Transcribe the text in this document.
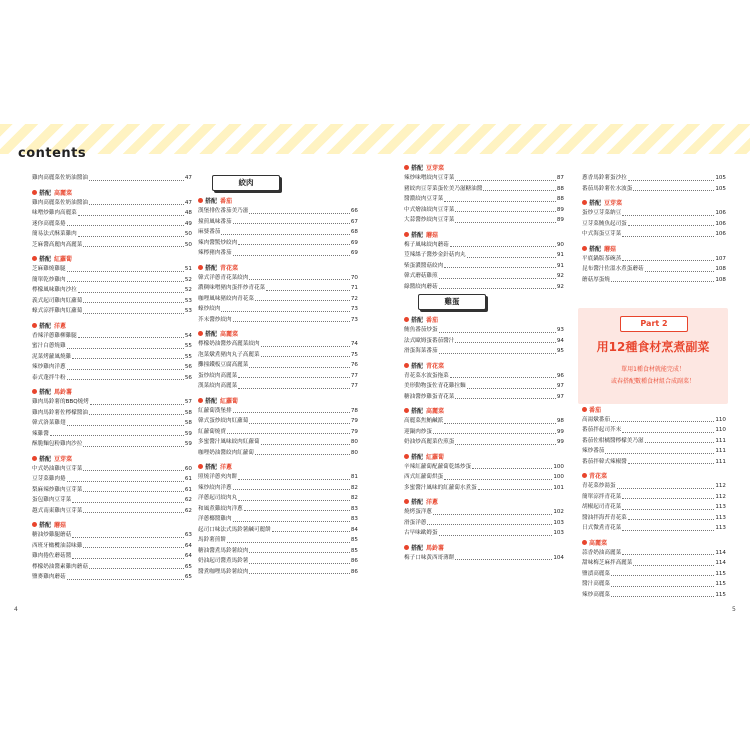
contents
雞肉高麗菜佐奶油醬油	47
搭配 高麗菜
雞肉高麗菜佐奶油醬油	47
味噌炒雞肉高麗菜	48
迷你高麗菜捲	49
簡易法式酥菜雞肉	50
芝麻醬高麗肉高麗菜	50
搭配 紅蘿蔔
芝麻雞燒雞腿	51
簡單乾炒雞肉	52
檸檬風味雞肉沙拉	52
義式起司雞肉紅蘿蔔	53
蠔式涼拌雞肉紅蘿蔔	53
搭配 洋蔥
香辣洋蔥雞柳雞腿	54
蜜汁白蔥燒雞	55
泥菜烤蘿風燒雞	55
辣炒雞肉洋蔥	56
泰式蓬拌牛粉	56
搭配 馬鈴薯
雞肉馬鈴薯的BBQ燒烤	57
雞肉馬鈴薯佐檸檬醬油	58
韓式洛菜雞翅	58
辣雞醬	59
酥脆麵包粉雞肉沙拉	59
搭配 豆芽菜
中式奶油雞肉豆芽菜	60
豆芽菜雞肉捲	61
梨麻辣炒雞肉豆芽菜	61
蛋包雞肉豆芽菜	62
越式南東雞肉豆芽菜	62
搭配 蘑菇
糖油炒雞腿蘑菇	63
西班牙橄欖油蒜味雞	64
雞肉捲佐蘑菇醬	64
檸檬奶油醬素雞肉蘑菇	65
鹽麥雞肉蘑菇	65
絞肉
搭配 番茄
漢堡排佐番茄美乃滋	66
撞煎風味番茄	67
麻婆番茄	68
辣肉醬驚炒絞肉	69
辣檸豬肉番茄	69
搭配 青花菜
韓式洋蔥青花菜絞肉	70
濃稠味噌豬肉蛋拌炒青花菜	71
咖哩風味豬絞肉青花菜	72
蠔炒絞肉	73
芥末醬炒絞肉	73
搭配 高麗菜
檸檬奶油醬炒高麗菜絞肉	74
泡菜燉煮豬肉丸子高麗菜	75
攤撞鐵板豆腐高麗菜	76
蛋炒絞肉高麗菜	77
漢菜絞肉高麗菜	77
搭配 紅蘿蔔
紅蘿蔔漢堡排	78
韓式蛋炒絞肉紅蘿蔔	79
紅蘿蔔燒賣	79
多蜜醬汁風味絞肉紅蘿蔔	80
咖哩奶油醬絞肉紅蘿蔔	80
搭配 洋蔥
照燒洋蔥夾肉餅	81
辣炒絞肉洋蔥	82
洋蔥起司絞肉丸	82
和風煮雞絞肉洋蔥	83
洋蔥椰醬雞肉	83
起司口味法式馬鈴薯鹹可麗餅	84
馬鈴薯煎餅	85
糖油醬煮馬鈴薯絞肉	85
奶油起司醬煮馬鈴薯	86
醬煮咖哩馬鈴薯絞肉	86
搭配 豆芽菜
辣炒味噌絞肉豆芽菜	87
豬絞肉豆芽菜蛋佐美乃滋糖油醬	88
醬濃絞肉豆芽菜	88
中式燴油絞肉豆芽菜	89
大蒜醬炒絞肉豆芽菜	89
搭配 蘑菇
梅子風味絞肉蘑菇	90
荳辣絲子醬炒金針菇肉丸	91
柴蛋濃醬菇絞肉	91
韓式蘑菇雞煎	92
綠醬絞肉蘑菇	92
雞蛋
搭配 番茄
鮪魚番茄炒蛋	93
法式歐姆蛋番茄醬汁	94
滑蛋海菜番茄	95
搭配 青花菜
青花菜水波蛋拖菜	96
美形動物蛋佐青花雞拉麵	97
糖油醬炒雞蛋青花菜	97
搭配 高麗菜
高麗菜焦鮪鹹派	98
迎鍋肉炒蛋	99
奶油炒高麗菜佐煎蛋	99
搭配 紅蘿蔔
辛辣紅蘿蔔配蘿蔔乾絲炒蛋	100
西式紅蘿蔔烘蛋	100
多蜜醬汁風味的紅蘿蔔水煮蛋	101
搭配 洋蔥
燒烤蛋洋蔥	102
滑蛋洋蔥	103
古早味歐姆蛋	103
搭配 馬鈴薯
梅子口味黃西哥薄餅	104
蔥香馬鈴薯蛋沙拉	105
番茄馬鈴薯佐水波蛋	105
搭配 豆芽菜
蛋炒豆芽菜納豆	106
豆芽菜鮪魚起司蛋	106
中式海蛋豆芽菜	106
搭配 蘑菇
平底鍋版茶碗蒸	107
昆布醬汁佐溫水煮蛋蘑菇	108
蘑菇厚蛋燒	108
番茄
高湯燉番茄	110
番茄拌起司芥末	110
番茄佐柑橘醬檸檬美乃滋	111
辣炒番茄	111
番茄拌韓式辣椒醬	111
青花菜
青花菜炒湯蛋	112
簡單涼拌青花菜	112
胡椒起司青花菜	113
醬油拌海苔青花菜	113
日式微煮青花菜	113
高麗菜
蒜香奶油高麗菜	114
甜味梅芝麻拌高麗菜	114
鹽漬高麗菜	115
醬汁高麗菜	115
辣炒高麗菜	115
Part 2
用12種食材烹煮副菜
單用1種食材就能完成！
或春搭配數種食材組合成副菜！
4	5
